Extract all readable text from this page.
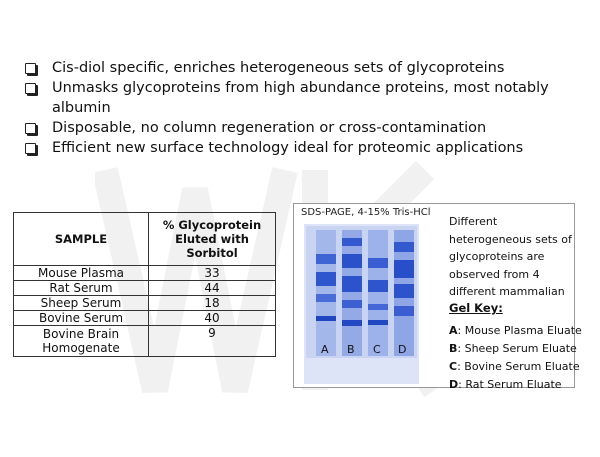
Cis-diol specific, enriches heterogeneous sets of glycoproteins
Unmasks glycoproteins from high abundance proteins, most notably albumin
Disposable, no column regeneration or cross-contamination
Efficient new surface technology ideal for proteomic applications
SAMPLE	% Glycoprotein Eluted with Sorbitol
Mouse Plasma	33
Rat Serum	44
Sheep Serum	18
Bovine Serum	40
Bovine Brain Homogenate	9
SDS-PAGE, 4-15% Tris-HCl
A B C D
Different heterogeneous sets of glycoproteins are observed from 4 different mammalian
Gel Key:
A: Mouse Plasma Eluate
B: Sheep Serum Eluate
C: Bovine Serum Eluate
D: Rat Serum Eluate
